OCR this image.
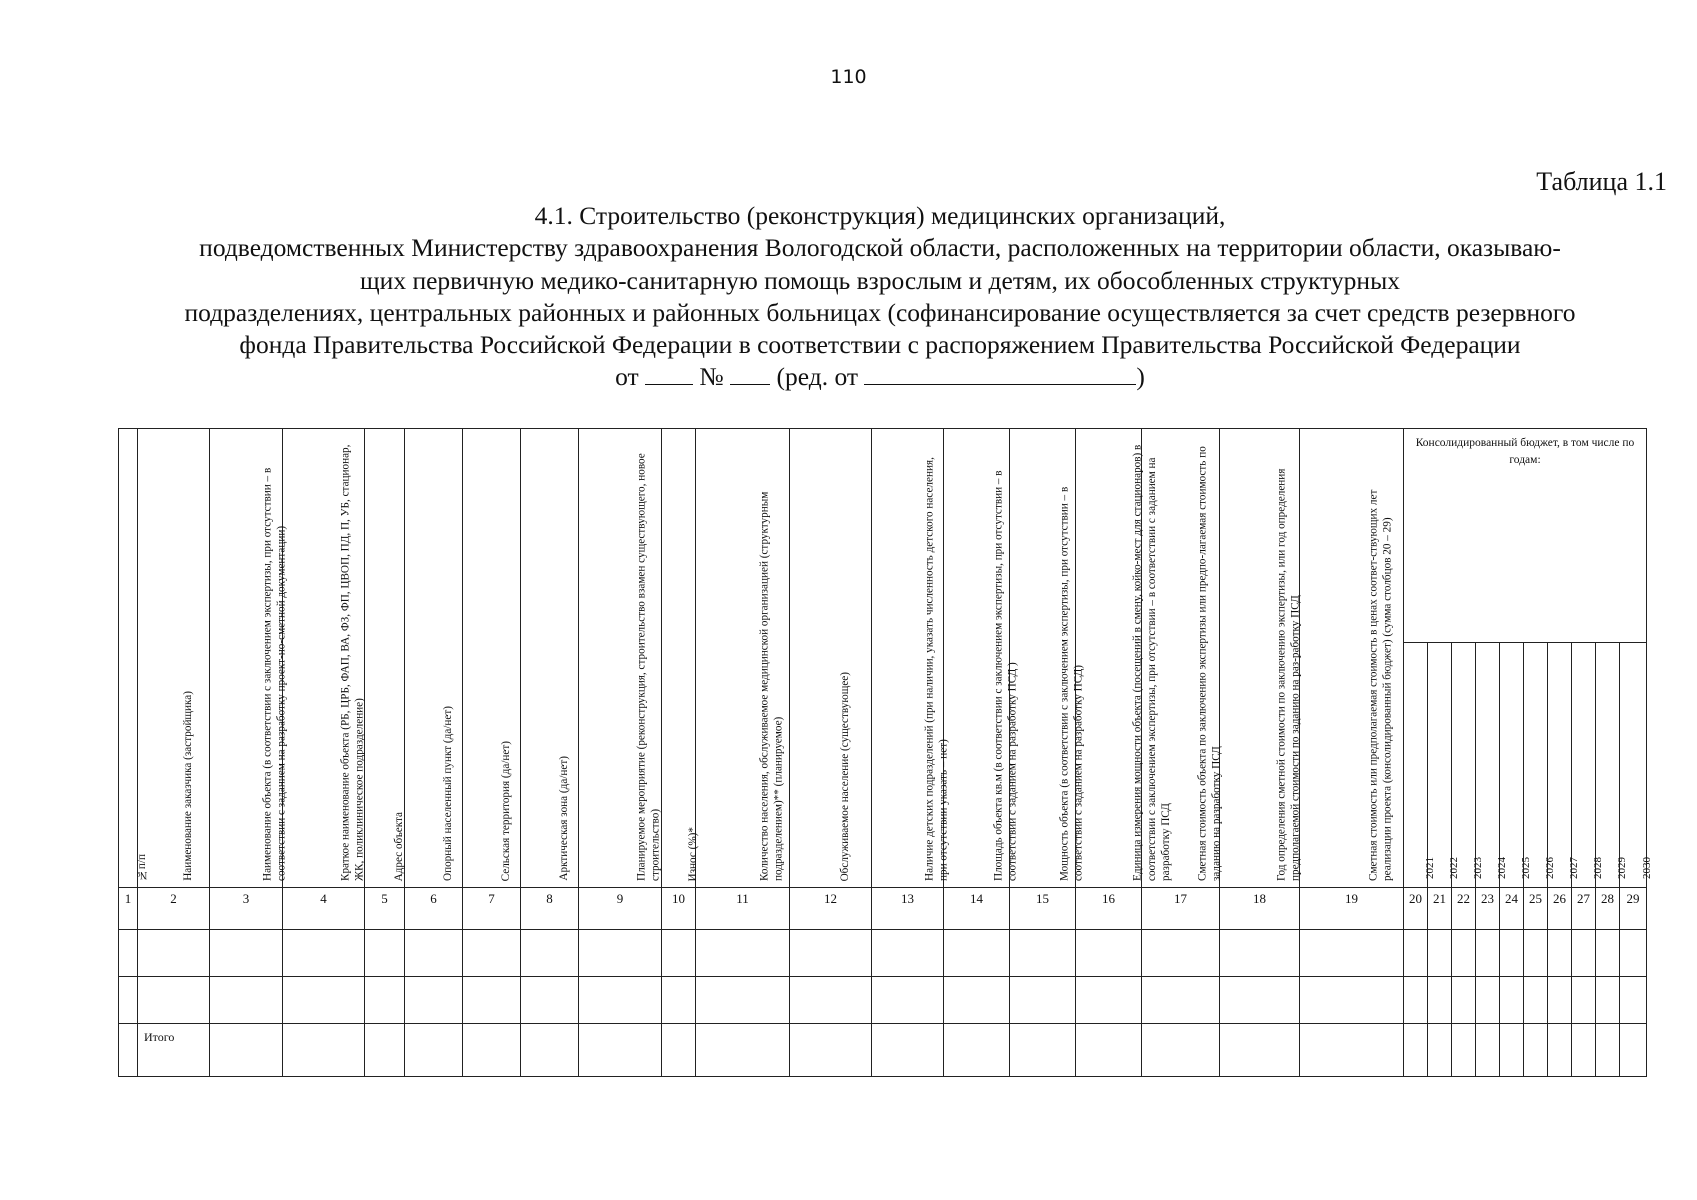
110
Таблица 1.1
4.1. Строительство (реконструкция) медицинских организаций,
подведомственных Министерству здравоохранения Вологодской области, расположенных на территории области, оказываю-
щих первичную медико-санитарную помощь взрослым и детям, их обособленных структурных
подразделениях, центральных районных и районных больницах (софинансирование осуществляется за счет средств резервного
фонда Правительства Российской Федерации в соответствии с распоряжением Правительства Российской Федерации
от № (ред. от	)
№п/п	Наименование заказчика (застройщика)	Наименование объекта (в соответствии с заключением экспертизы, при отсутствии – в соответствии с заданием на разработку проект-но-сметной документации)	Краткое наименование объекта (РБ, ЦРБ, ФАП, ВА, ФЗ, ФП, ЦВОП, ПД, П, УБ, стационар, ЖК, поликлиническое подразделение)	Адрес объекта	Опорный населенный пункт (да/нет)	Сельская территория (да/нет)	Арктическая зона (да/нет)	Планируемое мероприятие (реконструкция, строительство взамен существующего, новое строительство)	Износ (%)*	Количество населения, обслуживаемое медицинской организацией (структурным подразделением)** (планируемое)	Обслуживаемое население (существующее)	Наличие детских подразделений (при наличии, указать численность детского населения, при отсутствии указать – нет)	Площадь объекта кв.м (в соответствии с заключением экспертизы, при отсутствии – в соответствии с заданием на разработку ПСД )	Мощность объекта (в соответствии с заключением экспертизы, при отсутствии – в соответствии с заданием на разработку ПСД)	Единица измерения мощности объекта (посещений в смену, койко-мест для стационаров) в соответствии с заключением экспертизы, при отсутствии – в соответствии с заданием на разработку ПСД	Сметная стоимость объекта по заключению экспертизы или предпо-лагаемая стоимость по заданию на разработку ПСД	Год определения сметной стоимости по заключению экспертизы, или год определения предполагаемой стоимости по заданию на раз-работку ПСД	Сметная стоимость или предполагаемая стоимость в ценах соответ-ствующих лет реализации проекта (консолидированный бюджет) (сумма столбцов 20 – 29)	Консолидированный бюджет, в том числе по годам:									

																			2021	2022	2023	2024	2025	2026	2027	2028	2029	2030

1	2	3	4	5	6	7	8	9	10	11	12	13	14	15	16	17	18	19	20	21	22	23	24	25	26	27	28	29

	Итого																											
